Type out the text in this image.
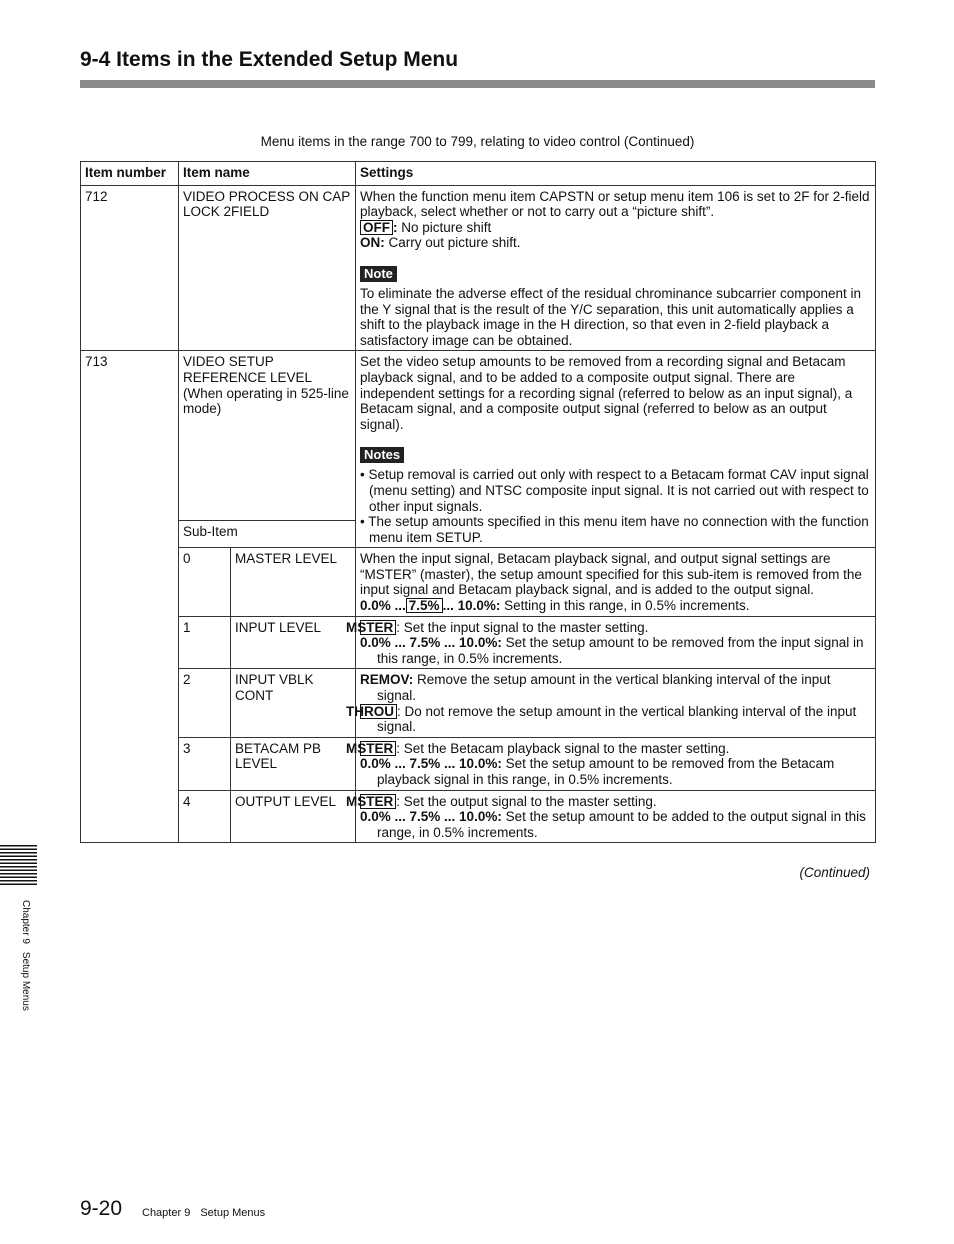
9-4 Items in the Extended Setup Menu
Menu items in the range 700 to 799, relating to video control (Continued)
Item number	Item name		Settings
712	VIDEO PROCESS ON CAP LOCK 2FIELD		When the function menu item CAPSTN or setup menu item 106 is set to 2F for 2-field playback, select whether or not to carry out a “picture shift”.
OFF : No picture shift
ON: Carry out picture shift.
Note
To eliminate the adverse effect of the residual chrominance subcarrier component in the Y signal that is the result of the Y/C separation, this unit automatically applies a shift to the playback image in the H direction, so that even in 2-field playback a satisfactory image can be obtained.

713	VIDEO SETUP REFERENCE LEVEL (When operating in 525-line mode)		Set the video setup amounts to be removed from a recording signal and Betacam playback signal, and to be added to a composite output signal. There are independent settings for a recording signal (referred to below as an input signal), a Betacam signal, and a composite output signal (referred to below as an output signal).
Notes
• Setup removal is carried out only with respect to a Betacam format CAV input signal (menu setting) and NTSC composite input signal. It is not carried out with respect to other input signals.
• The setup amounts specified in this menu item have no connection with the function menu item SETUP.

	Sub-Item		
	0	MASTER LEVEL	When the input signal, Betacam playback signal, and output signal settings are “MSTER” (master), the setup amount specified for this sub-item is removed from the input signal and Betacam playback signal, and is added to the output signal.
0.0% ... 7.5% ... 10.0%: Setting in this range, in 0.5% increments.

	1	INPUT LEVEL	MSTER : Set the input signal to the master setting.
0.0% ... 7.5% ... 10.0%: Set the setup amount to be removed from the input signal in this range, in 0.5% increments.

	2	INPUT VBLK CONT	REMOV: Remove the setup amount in the vertical blanking interval of the input signal.
THROU : Do not remove the setup amount in the vertical blanking interval of the input signal.

	3	BETACAM PB LEVEL	MSTER : Set the Betacam playback signal to the master setting.
0.0% ... 7.5% ... 10.0%: Set the setup amount to be removed from the Betacam playback signal in this range, in 0.5% increments.

	4	OUTPUT LEVEL	MSTER : Set the output signal to the master setting.
0.0% ... 7.5% ... 10.0%: Set the setup amount to be added to the output signal in this range, in 0.5% increments.
(Continued)
Chapter 9Setup Menus
9-20 Chapter 9 Setup Menus
